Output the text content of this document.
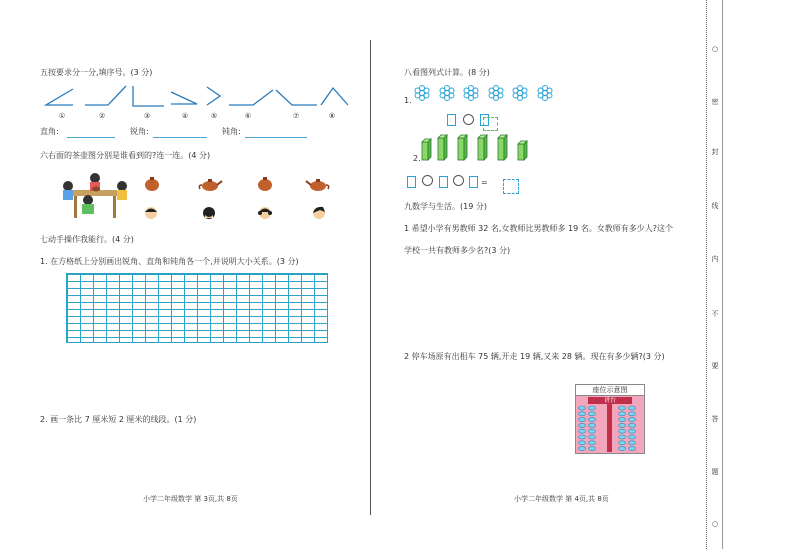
五按要求分一分,填序号。(3 分)
①	②	③	④	⑤	⑥	⑦	⑧
直角:	锐角:	钝角:
六右面的茶壶图分别是谁看到的?连一连。(4 分)
七动手操作我能行。(4 分)
1. 在方格纸上分别画出锐角、直角和钝角各一个,并说明大小关系。(3 分)
2. 画一条比 7 厘米短 2 厘米的线段。(1 分)
小学二年级数学 第 3页,共 8页
八看图列式计算。(8 分)
1.
2.
=
九数学与生活。(19 分)
1 希望小学有男教师 32 名,女教师比男教师多 19 名。女教师有多少人?这个
学校一共有教师多少名?(3 分)
2 停车场原有出租车 75 辆,开走 19 辆,又来 28 辆。现在有多少辆?(3 分)
座位示意图
讲台
小学二年级数学 第 4页,共 8页
○
密
封
线
内
不
要
答
题
○
